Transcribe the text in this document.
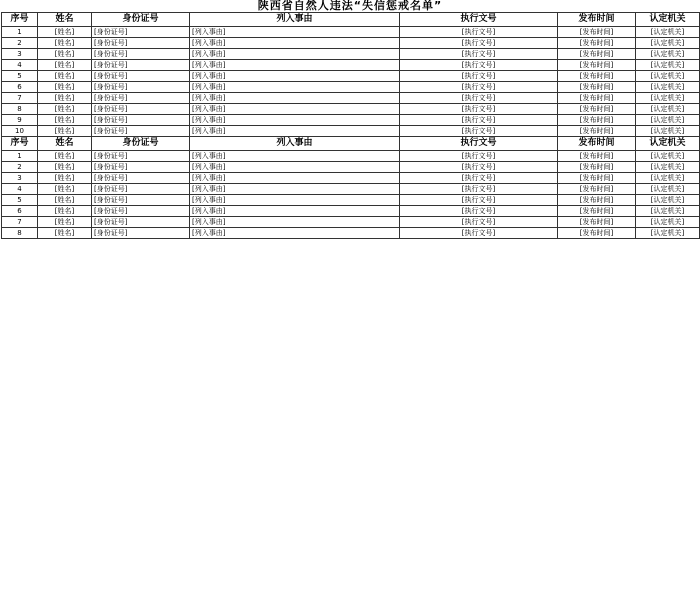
陕西省自然人违法“失信惩戒名单”
序号	姓名	身份证号	列入事由	执行文号	发布时间	认定机关
1	[姓名]	[身份证号]	[列入事由]	[执行文号]	[发布时间]	[认定机关]
2	[姓名]	[身份证号]	[列入事由]	[执行文号]	[发布时间]	[认定机关]
3	[姓名]	[身份证号]	[列入事由]	[执行文号]	[发布时间]	[认定机关]
4	[姓名]	[身份证号]	[列入事由]	[执行文号]	[发布时间]	[认定机关]
5	[姓名]	[身份证号]	[列入事由]	[执行文号]	[发布时间]	[认定机关]
6	[姓名]	[身份证号]	[列入事由]	[执行文号]	[发布时间]	[认定机关]
7	[姓名]	[身份证号]	[列入事由]	[执行文号]	[发布时间]	[认定机关]
8	[姓名]	[身份证号]	[列入事由]	[执行文号]	[发布时间]	[认定机关]
9	[姓名]	[身份证号]	[列入事由]	[执行文号]	[发布时间]	[认定机关]
10	[姓名]	[身份证号]	[列入事由]	[执行文号]	[发布时间]	[认定机关]
序号	姓名	身份证号	列入事由	执行文号	发布时间	认定机关
1	[姓名]	[身份证号]	[列入事由]	[执行文号]	[发布时间]	[认定机关]
2	[姓名]	[身份证号]	[列入事由]	[执行文号]	[发布时间]	[认定机关]
3	[姓名]	[身份证号]	[列入事由]	[执行文号]	[发布时间]	[认定机关]
4	[姓名]	[身份证号]	[列入事由]	[执行文号]	[发布时间]	[认定机关]
5	[姓名]	[身份证号]	[列入事由]	[执行文号]	[发布时间]	[认定机关]
6	[姓名]	[身份证号]	[列入事由]	[执行文号]	[发布时间]	[认定机关]
7	[姓名]	[身份证号]	[列入事由]	[执行文号]	[发布时间]	[认定机关]
8	[姓名]	[身份证号]	[列入事由]	[执行文号]	[发布时间]	[认定机关]
